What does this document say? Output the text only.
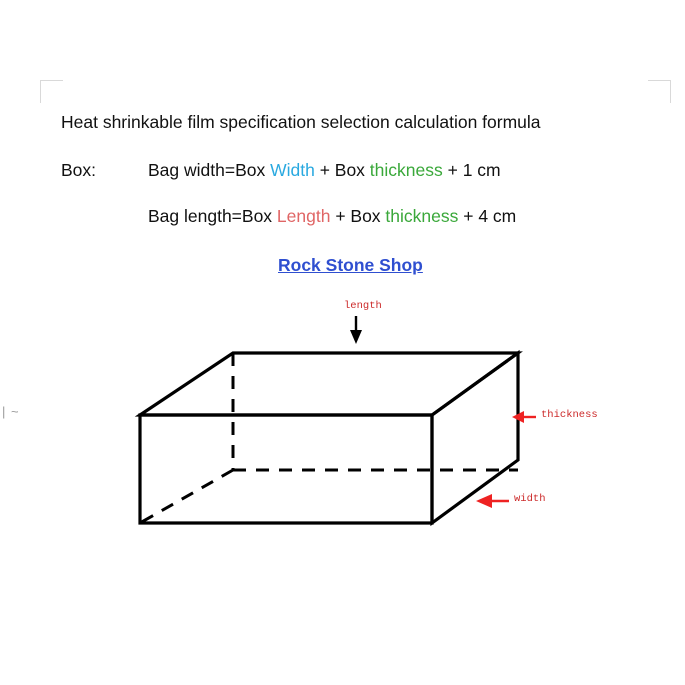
| ~
Heat shrinkable film specification selection calculation formula
Box:	Bag width=Box Width + Box thickness + 1 cm
Bag length=Box Length + Box thickness + 4 cm
Rock Stone Shop
length
thickness
width
